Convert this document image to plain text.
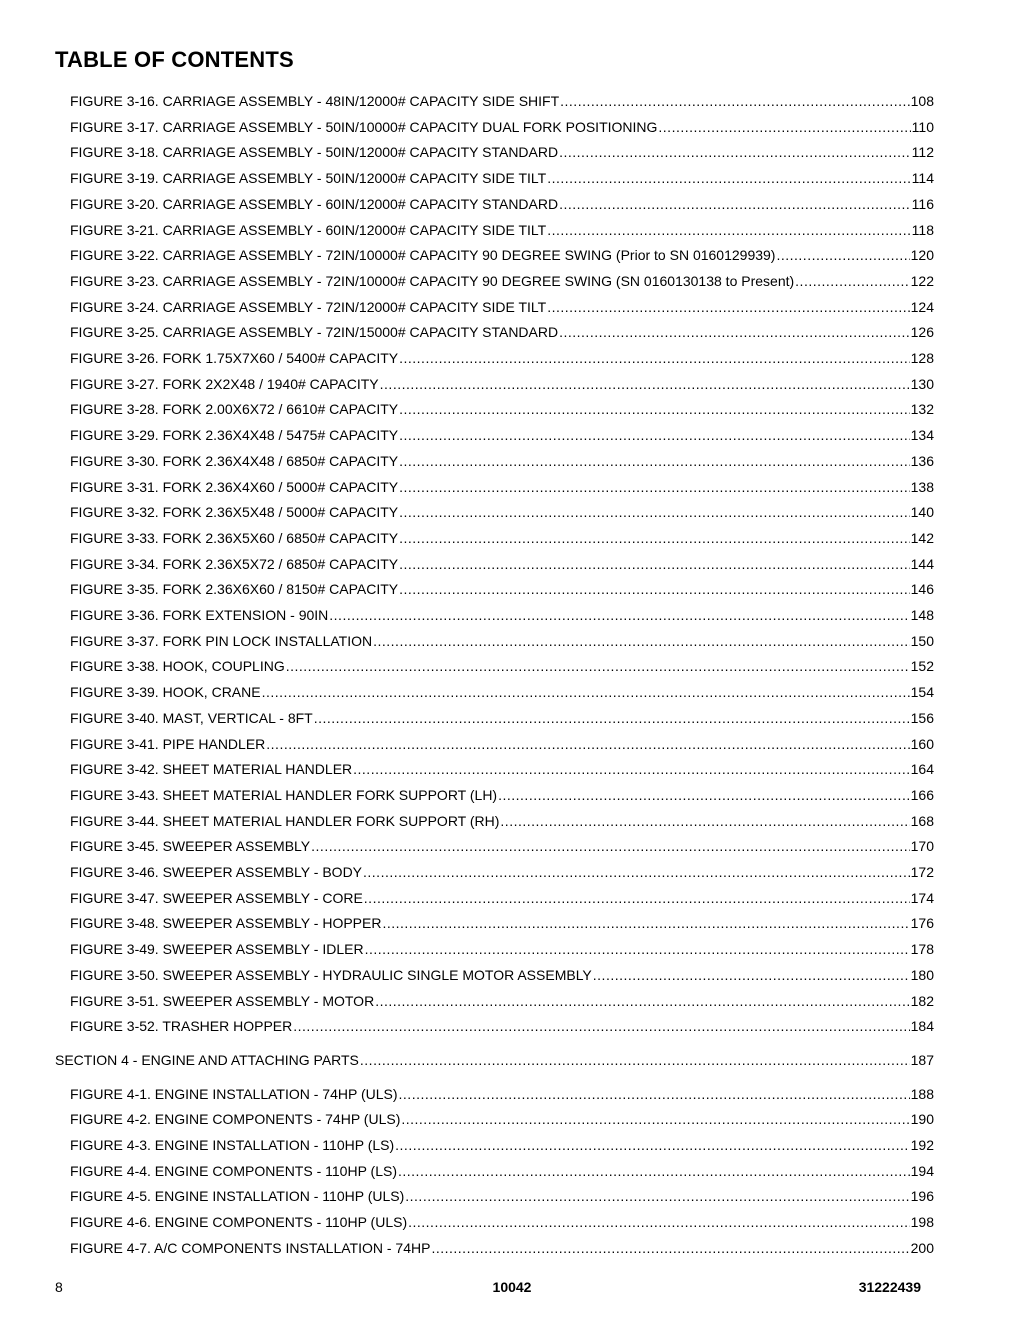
TABLE OF CONTENTS
FIGURE 3-16. CARRIAGE ASSEMBLY - 48IN/12000# CAPACITY SIDE SHIFT .....	108
FIGURE 3-17. CARRIAGE ASSEMBLY - 50IN/10000# CAPACITY DUAL FORK POSITIONING .....	110
FIGURE 3-18. CARRIAGE ASSEMBLY - 50IN/12000# CAPACITY STANDARD .....	112
FIGURE 3-19. CARRIAGE ASSEMBLY - 50IN/12000# CAPACITY SIDE TILT .....	114
FIGURE 3-20. CARRIAGE ASSEMBLY - 60IN/12000# CAPACITY STANDARD .....	116
FIGURE 3-21. CARRIAGE ASSEMBLY - 60IN/12000# CAPACITY SIDE TILT .....	118
FIGURE 3-22. CARRIAGE ASSEMBLY - 72IN/10000# CAPACITY 90 DEGREE SWING (Prior to SN 0160129939) .....	120
FIGURE 3-23. CARRIAGE ASSEMBLY - 72IN/10000# CAPACITY 90 DEGREE SWING (SN 0160130138 to Present) .....	122
FIGURE 3-24. CARRIAGE ASSEMBLY - 72IN/12000# CAPACITY SIDE TILT .....	124
FIGURE 3-25. CARRIAGE ASSEMBLY - 72IN/15000# CAPACITY STANDARD .....	126
FIGURE 3-26. FORK 1.75X7X60 / 5400# CAPACITY .....	128
FIGURE 3-27. FORK 2X2X48 / 1940# CAPACITY .....	130
FIGURE 3-28. FORK 2.00X6X72 / 6610# CAPACITY .....	132
FIGURE 3-29. FORK 2.36X4X48 / 5475# CAPACITY .....	134
FIGURE 3-30. FORK 2.36X4X48 / 6850# CAPACITY .....	136
FIGURE 3-31. FORK 2.36X4X60 / 5000# CAPACITY .....	138
FIGURE 3-32. FORK 2.36X5X48 / 5000# CAPACITY .....	140
FIGURE 3-33. FORK 2.36X5X60 / 6850# CAPACITY .....	142
FIGURE 3-34. FORK 2.36X5X72 / 6850# CAPACITY .....	144
FIGURE 3-35. FORK 2.36X6X60 / 8150# CAPACITY .....	146
FIGURE 3-36. FORK EXTENSION - 90IN .....	148
FIGURE 3-37. FORK PIN LOCK INSTALLATION .....	150
FIGURE 3-38. HOOK, COUPLING .....	152
FIGURE 3-39. HOOK, CRANE .....	154
FIGURE 3-40. MAST, VERTICAL - 8FT .....	156
FIGURE 3-41. PIPE HANDLER .....	160
FIGURE 3-42. SHEET MATERIAL HANDLER .....	164
FIGURE 3-43. SHEET MATERIAL HANDLER FORK SUPPORT (LH) .....	166
FIGURE 3-44. SHEET MATERIAL HANDLER FORK SUPPORT (RH) .....	168
FIGURE 3-45. SWEEPER ASSEMBLY .....	170
FIGURE 3-46. SWEEPER ASSEMBLY - BODY .....	172
FIGURE 3-47. SWEEPER ASSEMBLY - CORE .....	174
FIGURE 3-48. SWEEPER ASSEMBLY - HOPPER .....	176
FIGURE 3-49. SWEEPER ASSEMBLY - IDLER .....	178
FIGURE 3-50. SWEEPER ASSEMBLY - HYDRAULIC SINGLE MOTOR ASSEMBLY .....	180
FIGURE 3-51. SWEEPER ASSEMBLY - MOTOR .....	182
FIGURE 3-52. TRASHER HOPPER .....	184
SECTION 4 - ENGINE AND ATTACHING PARTS .....	187
FIGURE 4-1. ENGINE INSTALLATION - 74HP (ULS) .....	188
FIGURE 4-2. ENGINE COMPONENTS - 74HP (ULS) .....	190
FIGURE 4-3. ENGINE INSTALLATION - 110HP (LS) .....	192
FIGURE 4-4. ENGINE COMPONENTS - 110HP (LS) .....	194
FIGURE 4-5. ENGINE INSTALLATION - 110HP (ULS) .....	196
FIGURE 4-6. ENGINE COMPONENTS - 110HP (ULS) .....	198
FIGURE 4-7. A/C COMPONENTS INSTALLATION - 74HP .....	200
8	10042	31222439
